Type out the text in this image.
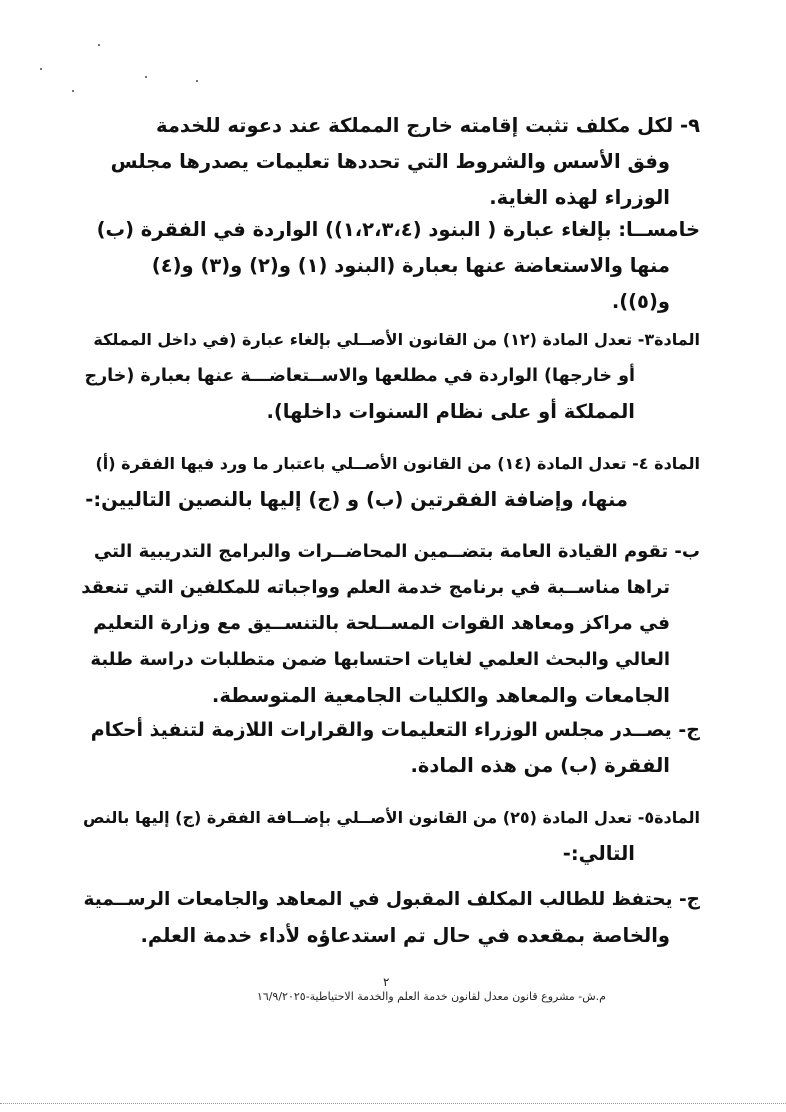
٩- لكل مكلف تثبت إقامته خارج المملكة عند دعوته للخدمة
وفق الأسس والشروط التي تحددها تعليمات يصدرها مجلس
الوزراء لهذه الغاية.
خامســا: بإلغاء عبارة ( البنود (١،٢،٣،٤)) الواردة في الفقرة (ب)
منها والاستعاضة عنها بعبارة (البنود (١) و(٢) و(٣) و(٤)
و(٥)).
المادة٣- تعدل المادة (١٢) من القانون الأصــلي بإلغاء عبارة (في داخل المملكة
أو خارجها) الواردة في مطلعها والاســتعاضـــة عنها بعبارة (خارج
المملكة أو على نظام السنوات داخلها).
المادة ٤- تعدل المادة (١٤) من القانون الأصــلي باعتبار ما ورد فيها الفقرة (أ)
منها، وإضافة الفقرتين (ب) و (ج) إليها بالنصين التاليين:-
ب- تقوم القيادة العامة بتضــمين المحاضــرات والبرامج التدريبية التي
تراها مناســبة في برنامج خدمة العلم وواجباته للمكلفين التي تنعقد
في مراكز ومعاهد القوات المســلحة بالتنســيق مع وزارة التعليم
العالي والبحث العلمي لغايات احتسابها ضمن متطلبات دراسة طلبة
الجامعات والمعاهد والكليات الجامعية المتوسطة.
ج- يصــدر مجلس الوزراء التعليمات والقرارات اللازمة لتنفيذ أحكام
الفقرة (ب) من هذه المادة.
المادة٥- تعدل المادة (٢٥) من القانون الأصــلي بإضــافة الفقرة (ج) إليها بالنص
التالي:-
ج- يحتفظ للطالب المكلف المقبول في المعاهد والجامعات الرســمية
والخاصة بمقعده في حال تم استدعاؤه لأداء خدمة العلم.
٢
م.ش- مشروع قانون معدل لقانون خدمة العلم والخدمة الاحتياطية-١٦/٩/٢٠٢٥
